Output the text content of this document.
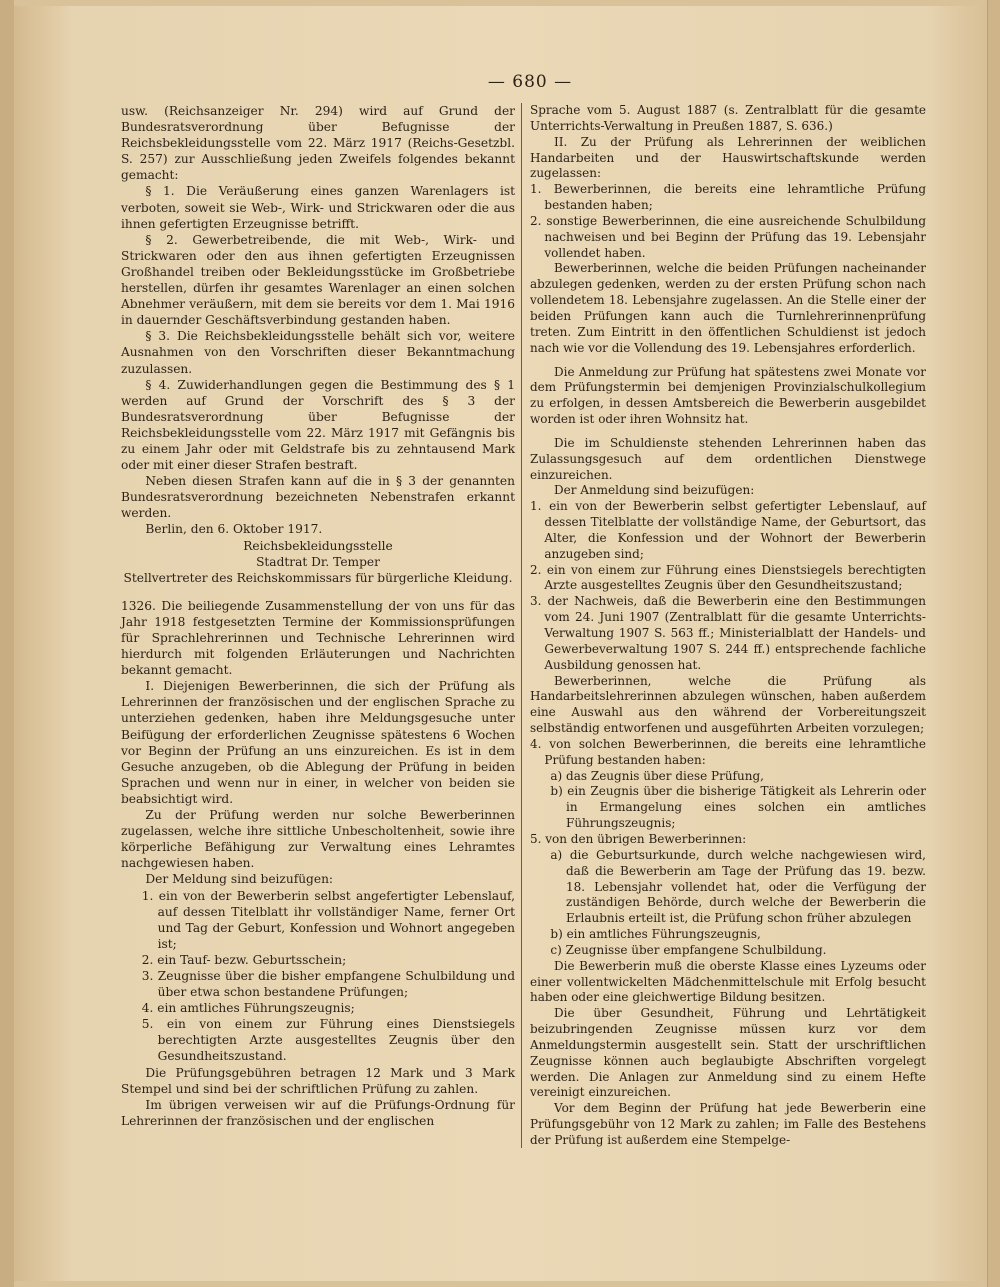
— 680 —

usw. (Reichsanzeiger Nr. 294) wird auf Grund der Bundesratsverordnung über Befugnisse der Reichsbekleidungsstelle vom 22. März 1917 (Reichs-Gesetzbl. S. 257) zur Ausschließung jeden Zweifels folgendes bekannt gemacht:

§ 1. Die Veräußerung eines ganzen Warenlagers ist verboten, soweit sie Web-, Wirk- und Strickwaren oder die aus ihnen gefertigten Erzeugnisse betrifft.

§ 2. Gewerbetreibende, die mit Web-, Wirk- und Strickwaren oder den aus ihnen gefertigten Erzeugnissen Großhandel treiben oder Bekleidungsstücke im Großbetriebe herstellen, dürfen ihr gesamtes Warenlager an einen solchen Abnehmer veräußern, mit dem sie bereits vor dem 1. Mai 1916 in dauernder Geschäftsverbindung gestanden haben.

§ 3. Die Reichsbekleidungsstelle behält sich vor, weitere Ausnahmen von den Vorschriften dieser Bekanntmachung zuzulassen.

§ 4. Zuwiderhandlungen gegen die Bestimmung des § 1 werden auf Grund der Vorschrift des § 3 der Bundesratsverordnung über Befugnisse der Reichsbekleidungsstelle vom 22. März 1917 mit Gefängnis bis zu einem Jahr oder mit Geldstrafe bis zu zehntausend Mark oder mit einer dieser Strafen bestraft.

Neben diesen Strafen kann auf die in § 3 der genannten Bundesratsverordnung bezeichneten Nebenstrafen erkannt werden.

Berlin, den 6. Oktober 1917.

Reichsbekleidungsstelle

Stadtrat Dr. Temper

Stellvertreter des Reichskommissars für bürgerliche Kleidung.

1326. Die beiliegende Zusammenstellung der von uns für das Jahr 1918 festgesetzten Termine der Kommissionsprüfungen für Sprachlehrerinnen und Technische Lehrerinnen wird hierdurch mit folgenden Erläuterungen und Nachrichten bekannt gemacht.

I. Diejenigen Bewerberinnen, die sich der Prüfung als Lehrerinnen der französischen und der englischen Sprache zu unterziehen gedenken, haben ihre Meldungsgesuche unter Beifügung der erforderlichen Zeugnisse spätestens 6 Wochen vor Beginn der Prüfung an uns einzureichen. Es ist in dem Gesuche anzugeben, ob die Ablegung der Prüfung in beiden Sprachen und wenn nur in einer, in welcher von beiden sie beabsichtigt wird.

Zu der Prüfung werden nur solche Bewerberinnen zugelassen, welche ihre sittliche Unbescholtenheit, sowie ihre körperliche Befähigung zur Verwaltung eines Lehramtes nachgewiesen haben.

Der Meldung sind beizufügen:

1. ein von der Bewerberin selbst angefertigter Lebenslauf, auf dessen Titelblatt ihr vollständiger Name, ferner Ort und Tag der Geburt, Konfession und Wohnort angegeben ist;

2. ein Tauf- bezw. Geburtsschein;

3. Zeugnisse über die bisher empfangene Schulbildung und über etwa schon bestandene Prüfungen;

4. ein amtliches Führungszeugnis;

5. ein von einem zur Führung eines Dienstsiegels berechtigten Arzte ausgestelltes Zeugnis über den Gesundheitszustand.

Die Prüfungsgebühren betragen 12 Mark und 3 Mark Stempel und sind bei der schriftlichen Prüfung zu zahlen.

Im übrigen verweisen wir auf die Prüfungs-Ordnung für Lehrerinnen der französischen und der englischen

Sprache vom 5. August 1887 (s. Zentralblatt für die gesamte Unterrichts-Verwaltung in Preußen 1887, S. 636.)

II. Zu der Prüfung als Lehrerinnen der weiblichen Handarbeiten und der Hauswirtschaftskunde werden zugelassen:

1. Bewerberinnen, die bereits eine lehramtliche Prüfung bestanden haben;

2. sonstige Bewerberinnen, die eine ausreichende Schulbildung nachweisen und bei Beginn der Prüfung das 19. Lebensjahr vollendet haben.

Bewerberinnen, welche die beiden Prüfungen nacheinander abzulegen gedenken, werden zu der ersten Prüfung schon nach vollendetem 18. Lebensjahre zugelassen. An die Stelle einer der beiden Prüfungen kann auch die Turnlehrerinnenprüfung treten. Zum Eintritt in den öffentlichen Schuldienst ist jedoch nach wie vor die Vollendung des 19. Lebensjahres erforderlich.

Die Anmeldung zur Prüfung hat spätestens zwei Monate vor dem Prüfungstermin bei demjenigen Provinzialschulkollegium zu erfolgen, in dessen Amtsbereich die Bewerberin ausgebildet worden ist oder ihren Wohnsitz hat.

Die im Schuldienste stehenden Lehrerinnen haben das Zulassungsgesuch auf dem ordentlichen Dienstwege einzureichen.

Der Anmeldung sind beizufügen:

1. ein von der Bewerberin selbst gefertigter Lebenslauf, auf dessen Titelblatte der vollständige Name, der Geburtsort, das Alter, die Konfession und der Wohnort der Bewerberin anzugeben sind;

2. ein von einem zur Führung eines Dienstsiegels berechtigten Arzte ausgestelltes Zeugnis über den Gesundheitszustand;

3. der Nachweis, daß die Bewerberin eine den Bestimmungen vom 24. Juni 1907 (Zentralblatt für die gesamte Unterrichts-Verwaltung 1907 S. 563 ff.; Ministerialblatt der Handels- und Gewerbeverwaltung 1907 S. 244 ff.) entsprechende fachliche Ausbildung genossen hat.

Bewerberinnen, welche die Prüfung als Handarbeitslehrerinnen abzulegen wünschen, haben außerdem eine Auswahl aus den während der Vorbereitungszeit selbständig entworfenen und ausgeführten Arbeiten vorzulegen;

4. von solchen Bewerberinnen, die bereits eine lehramtliche Prüfung bestanden haben:

a) das Zeugnis über diese Prüfung,

b) ein Zeugnis über die bisherige Tätigkeit als Lehrerin oder in Ermangelung eines solchen ein amtliches Führungszeugnis;

5. von den übrigen Bewerberinnen:

a) die Geburtsurkunde, durch welche nachgewiesen wird, daß die Bewerberin am Tage der Prüfung das 19. bezw. 18. Lebensjahr vollendet hat, oder die Verfügung der zuständigen Behörde, durch welche der Bewerberin die Erlaubnis erteilt ist, die Prüfung schon früher abzulegen

b) ein amtliches Führungszeugnis,

c) Zeugnisse über empfangene Schulbildung.

Die Bewerberin muß die oberste Klasse eines Lyzeums oder einer vollentwickelten Mädchenmittelschule mit Erfolg besucht haben oder eine gleichwertige Bildung besitzen.

Die über Gesundheit, Führung und Lehrtätigkeit beizubringenden Zeugnisse müssen kurz vor dem Anmeldungstermin ausgestellt sein. Statt der urschriftlichen Zeugnisse können auch beglaubigte Abschriften vorgelegt werden. Die Anlagen zur Anmeldung sind zu einem Hefte vereinigt einzureichen.

Vor dem Beginn der Prüfung hat jede Bewerberin eine Prüfungsgebühr von 12 Mark zu zahlen; im Falle des Bestehens der Prüfung ist außerdem eine Stempelge-
